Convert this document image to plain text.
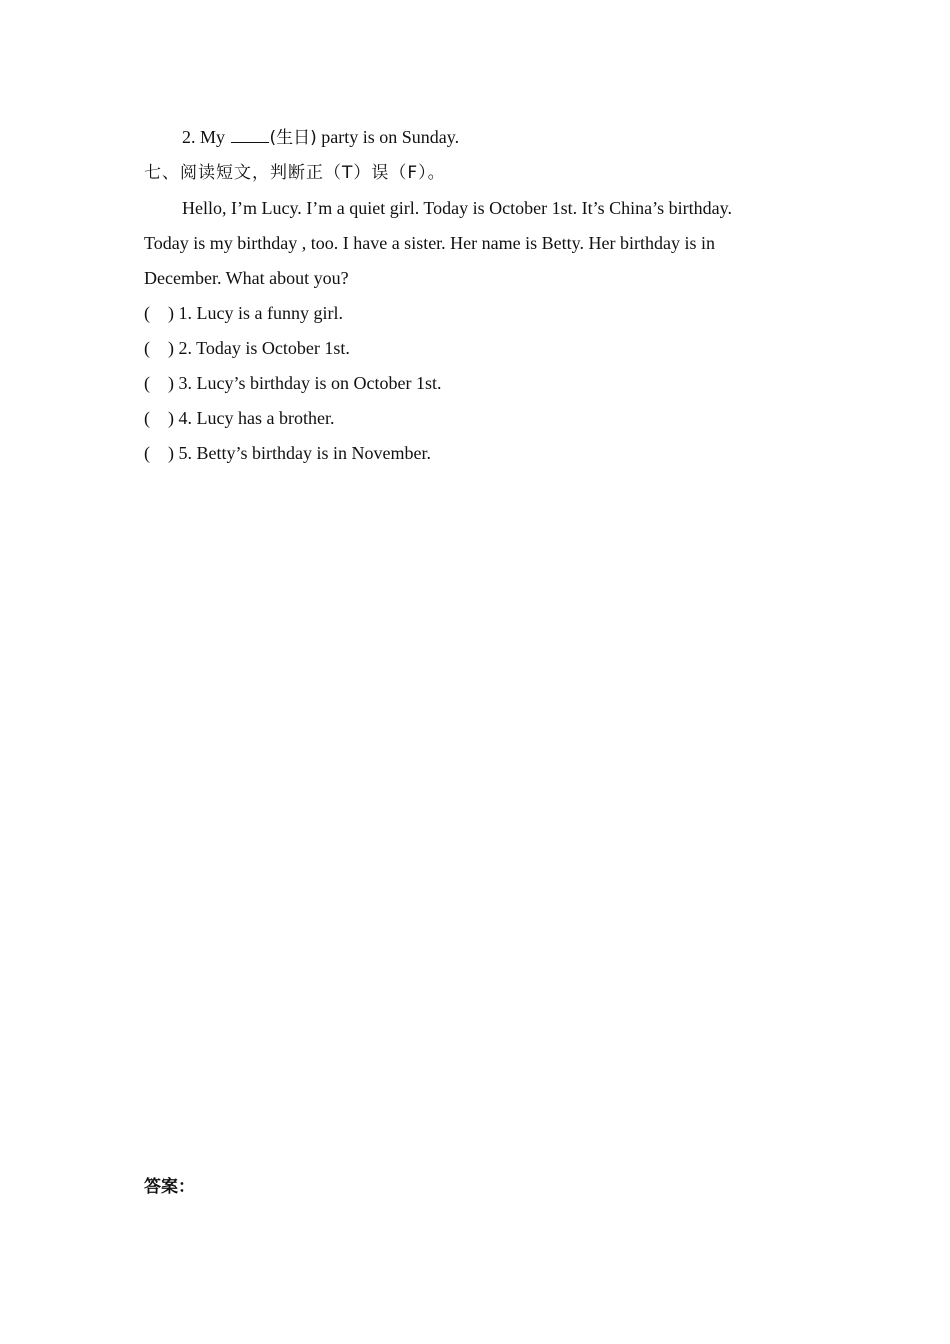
2. My (生日) party is on Sunday.
七、阅读短文，判断正（T）误（F）。
Hello, I’m Lucy. I’m a quiet girl. Today is October 1st. It’s China’s birthday.
Today is my birthday , too. I have a sister. Her name is Betty. Her birthday is in
December. What about you?
( ) 1. Lucy is a funny girl.
( ) 2. Today is October 1st.
( ) 3. Lucy’s birthday is on October 1st.
( ) 4. Lucy has a brother.
( ) 5. Betty’s birthday is in November.
答案：
